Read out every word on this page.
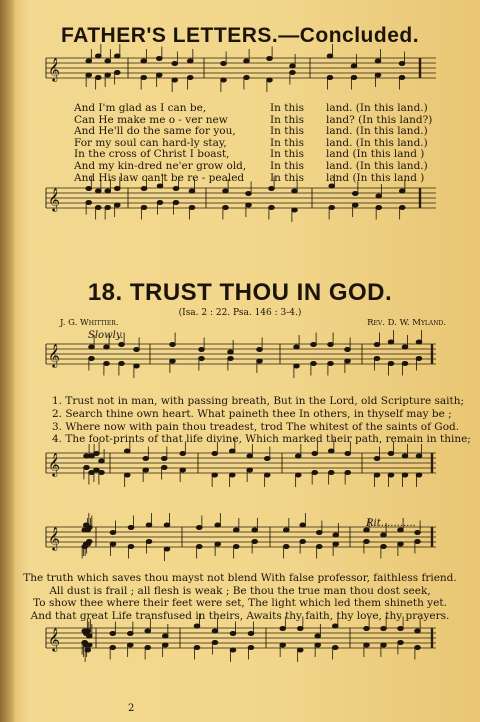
FATHER'S LETTERS.—Concluded.
𝄞
𝄞
𝄞
𝄞
𝄞
𝄞
And I'm glad as I can be,	In this	land. (In this land.)
Can He make me o - ver new	In this	land? (In this land?)
And He'll do the same for you,	In this	land. (In this land.)
For my soul can hard-ly stay,	In this	land. (In this land.)
In the cross of Christ I boast,	In this	land (In this land )
And my kin-dred ne'er grow old,	In this	land. (In this land.)
And His law can't be re - pealed	In this	land (In this land )
18. TRUST THOU IN GOD.
(Isa. 2 : 22. Psa. 146 : 3-4.)
J. G. Whittier.	Rev. D. W. Myland.
Slowly.
1. Trust not in man, with passing breath, But in the Lord, old Scripture saith;
2. Search thine own heart. What paineth thee In others, in thyself may be ;
3. Where now with pain thou treadest, trod The whitest of the saints of God.
4. The foot-prints of that life divine, Which marked their path, remain in thine;
Rit...........
The truth which saves thou mayst not blend With false professor, faithless friend.
All dust is frail ; all flesh is weak ; Be thou the true man thou dost seek,
To show thee where their feet were set, The light which led them shineth yet.
And that great Life transfused in theirs, Awaits thy faith, thy love, thy prayers.
2
